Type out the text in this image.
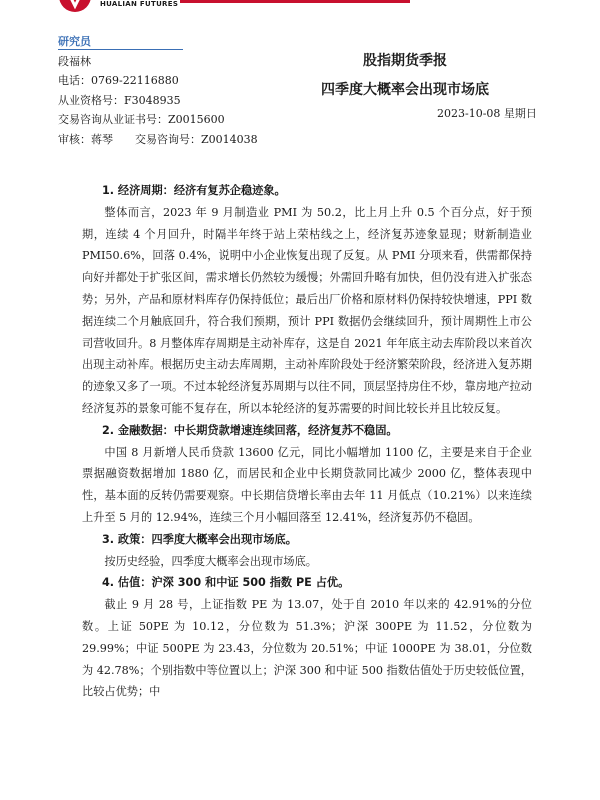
HUALIAN FUTURES
研究员
段福林
电话：0769-22116880
从业资格号：F3048935
交易咨询从业证书号：Z0015600
审核：蒋琴　　交易咨询号：Z0014038
股指期货季报
四季度大概率会出现市场底
2023-10-08 星期日

1. 经济周期：经济有复苏企稳迹象。

整体而言，2023 年 9 月制造业 PMI 为 50.2，比上月上升 0.5 个百分点，好于预期，连续 4 个月回升，时隔半年终于站上荣枯线之上，经济复苏迹象显现；财新制造业 PMI50.6%，回落 0.4%，说明中小企业恢复出现了反复。从 PMI 分项来看，供需都保持向好并都处于扩张区间，需求增长仍然较为缓慢；外需回升略有加快，但仍没有进入扩张态势；另外，产品和原材料库存仍保持低位；最后出厂价格和原材料仍保持较快增速，PPI 数据连续二个月触底回升，符合我们预期，预计 PPI 数据仍会继续回升，预计周期性上市公司营收回升。8 月整体库存周期是主动补库存，这是自 2021 年年底主动去库阶段以来首次出现主动补库。根据历史主动去库周期，主动补库阶段处于经济繁荣阶段，经济进入复苏期的迹象又多了一项。不过本轮经济复苏周期与以往不同，顶层坚持房住不炒，靠房地产拉动经济复苏的景象可能不复存在，所以本轮经济的复苏需要的时间比较长并且比较反复。

2. 金融数据：中长期贷款增速连续回落，经济复苏不稳固。

中国 8 月新增人民币贷款 13600 亿元，同比小幅增加 1100 亿，主要是来自于企业票据融资数据增加 1880 亿，而居民和企业中长期贷款同比减少 2000 亿，整体表现中性，基本面的反转仍需要观察。中长期信贷增长率由去年 11 月低点（10.21%）以来连续上升至 5 月的 12.94%，连续三个月小幅回落至 12.41%，经济复苏仍不稳固。

3. 政策：四季度大概率会出现市场底。

按历史经验，四季度大概率会出现市场底。

4. 估值：沪深 300 和中证 500 指数 PE 占优。

截止 9 月 28 号，上证指数 PE 为 13.07，处于自 2010 年以来的 42.91%的分位数。上证 50PE 为 10.12，分位数为 51.3%；沪深 300PE 为 11.52，分位数为 29.99%；中证 500PE 为 23.43，分位数为 20.51%；中证 1000PE 为 38.01，分位数为 42.78%；个别指数中等位置以上；沪深 300 和中证 500 指数估值处于历史较低位置，比较占优势；中
